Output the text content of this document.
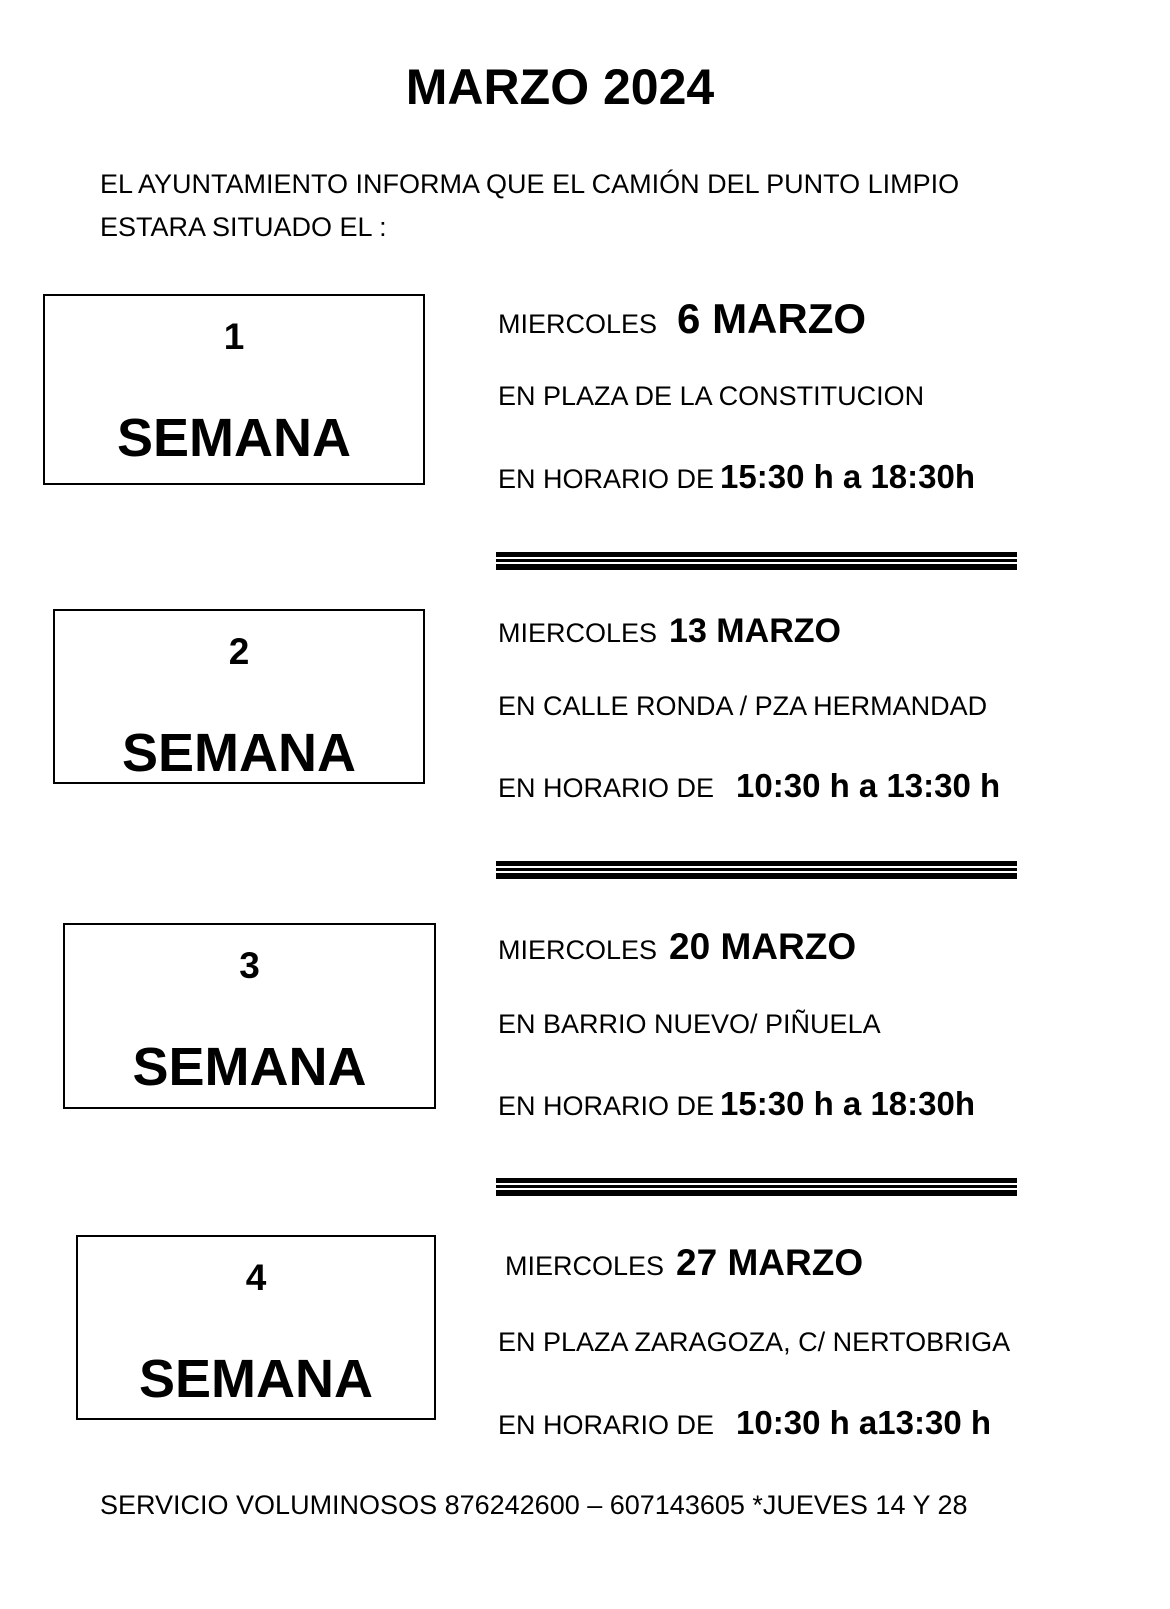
MARZO 2024
EL AYUNTAMIENTO INFORMA QUE EL CAMIÓN DEL PUNTO LIMPIO
ESTARA SITUADO EL :
1
SEMANA
MIERCOLES 6 MARZO
EN PLAZA DE LA CONSTITUCION
EN HORARIO DE 15:30 h a 18:30h
2
SEMANA
MIERCOLES 13 MARZO
EN CALLE RONDA / PZA HERMANDAD
EN HORARIO DE 10:30 h a 13:30 h
3
SEMANA
MIERCOLES 20 MARZO
EN BARRIO NUEVO/ PIÑUELA
EN HORARIO DE 15:30 h a 18:30h
4
SEMANA
MIERCOLES 27 MARZO
EN PLAZA ZARAGOZA, C/ NERTOBRIGA
EN HORARIO DE 10:30 h a13:30 h
SERVICIO VOLUMINOSOS 876242600 – 607143605 *JUEVES 14 Y 28
